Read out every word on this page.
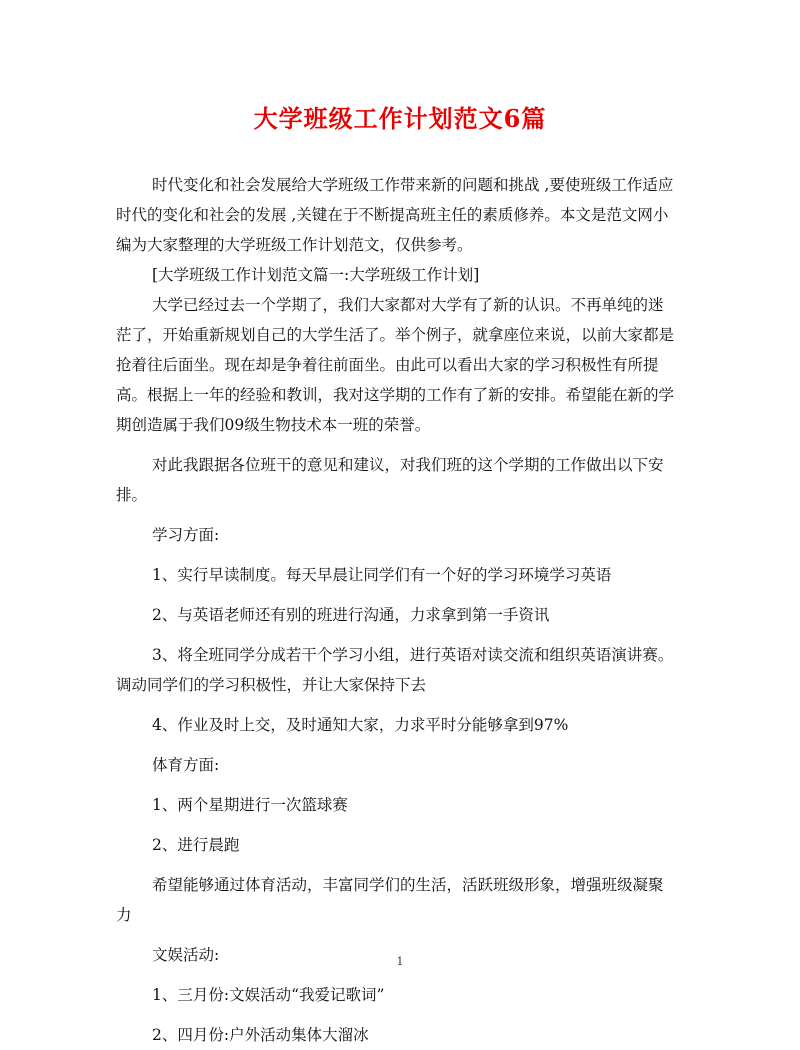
大学班级工作计划范文6篇

时代变化和社会发展给大学班级工作带来新的问题和挑战 ,要使班级工作适应时代的变化和社会的发展 ,关键在于不断提高班主任的素质修养。本文是范文网小编为大家整理的大学班级工作计划范文，仅供参考。

[大学班级工作计划范文篇一:大学班级工作计划]

大学已经过去一个学期了，我们大家都对大学有了新的认识。不再单纯的迷茫了，开始重新规划自己的大学生活了。举个例子，就拿座位来说，以前大家都是抢着往后面坐。现在却是争着往前面坐。由此可以看出大家的学习积极性有所提高。根据上一年的经验和教训，我对这学期的工作有了新的安排。希望能在新的学期创造属于我们09级生物技术本一班的荣誉。

对此我跟据各位班干的意见和建议，对我们班的这个学期的工作做出以下安排。

学习方面:

1、实行早读制度。每天早晨让同学们有一个好的学习环境学习英语

2、与英语老师还有别的班进行沟通，力求拿到第一手资讯

3、将全班同学分成若干个学习小组，进行英语对读交流和组织英语演讲赛。调动同学们的学习积极性，并让大家保持下去

4、作业及时上交，及时通知大家，力求平时分能够拿到97%

体育方面:

1、两个星期进行一次篮球赛

2、进行晨跑

希望能够通过体育活动，丰富同学们的生活，活跃班级形象，增强班级凝聚力

文娱活动:

1、三月份:文娱活动“我爱记歌词”

2、四月份:户外活动集体大溜冰

1
